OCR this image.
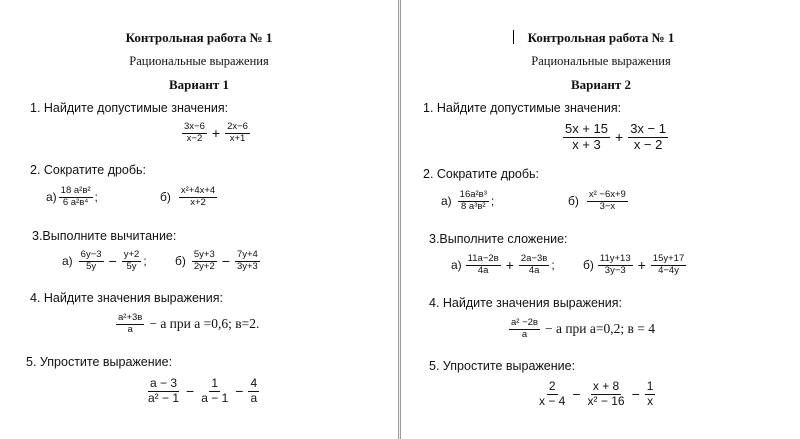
Контрольная работа № 1
Рациональные выражения
Вариант 1
1. Найдите допустимые значения:
$\frac{3x-6}{x-2} + \frac{2x-6}{x+1}$
2. Сократите дробь:
$а) \frac{\text{18 a²в²}}{\text{6 a²в⁴}}$ ;	$б) \frac{\text{x²+4x+4}}{x+2}$
3.Выполните вычитание:
$а) \frac{6y-3}{5y} - \frac{y+2}{5y}$ ; $б) \frac{5y+3}{2y+2} - \frac{7y+4}{3y+3}$
4. Найдите значения выражения:
$\frac{\text{a²+3в}}{a} - а$ при а =0,6; в=2.
5. Упростите выражение:
$\frac{a - 3}{\text{a² − 1}} - \frac{1}{a - 1} - \frac{4}{a}$
Контрольная работа № 1
Рациональные выражения
Вариант 2
1. Найдите допустимые значения:
$\frac{5x + 15}{x + 3} + \frac{3x - 1}{x - 2}$
2. Сократите дробь:
$а) \frac{\text{16a²в³}}{\text{8 a³в²}}$ ;	$б) \frac{\text{x² −6x+9}}{3-x}$
3.Выполните сложение:
$а) \frac{11a-2в}{4a} + \frac{2a-3в}{4a}$ ; $б) \frac{11y+13}{3y-3} + \frac{15y+17}{4-4y}$
4. Найдите значения выражения:
$\frac{\text{a² −2в}}{a} - а$ при а=0,2; в = 4
5. Упростите выражение:
$\frac{2}{x - 4} - \frac{x + 8}{\text{x² − 16}} - \frac{1}{x}$
